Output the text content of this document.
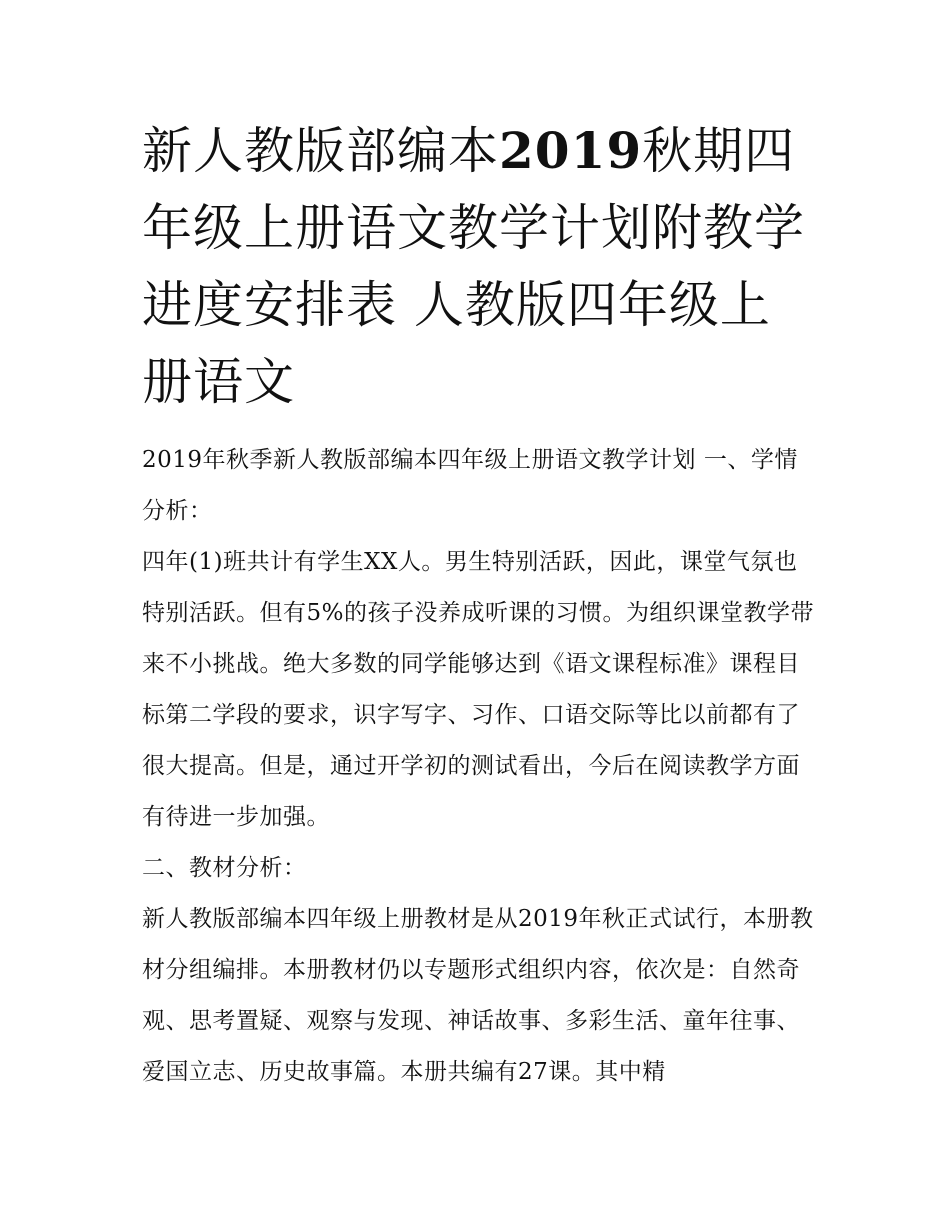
新人教版部编本2019秋期四年级上册语文教学计划附教学进度安排表 人教版四年级上册语文

2019年秋季新人教版部编本四年级上册语文教学计划 一、学情分析：

四年(1)班共计有学生XX人。男生特别活跃，因此，课堂气氛也特别活跃。但有5%的孩子没养成听课的习惯。为组织课堂教学带来不小挑战。绝大多数的同学能够达到《语文课程标准》课程目标第二学段的要求，识字写字、习作、口语交际等比以前都有了很大提高。但是，通过开学初的测试看出，今后在阅读教学方面有待进一步加强。

二、教材分析：

新人教版部编本四年级上册教材是从2019年秋正式试行，本册教材分组编排。本册教材仍以专题形式组织内容，依次是：自然奇观、思考置疑、观察与发现、神话故事、多彩生活、童年往事、爱国立志、历史故事篇。本册共编有27课。其中精
